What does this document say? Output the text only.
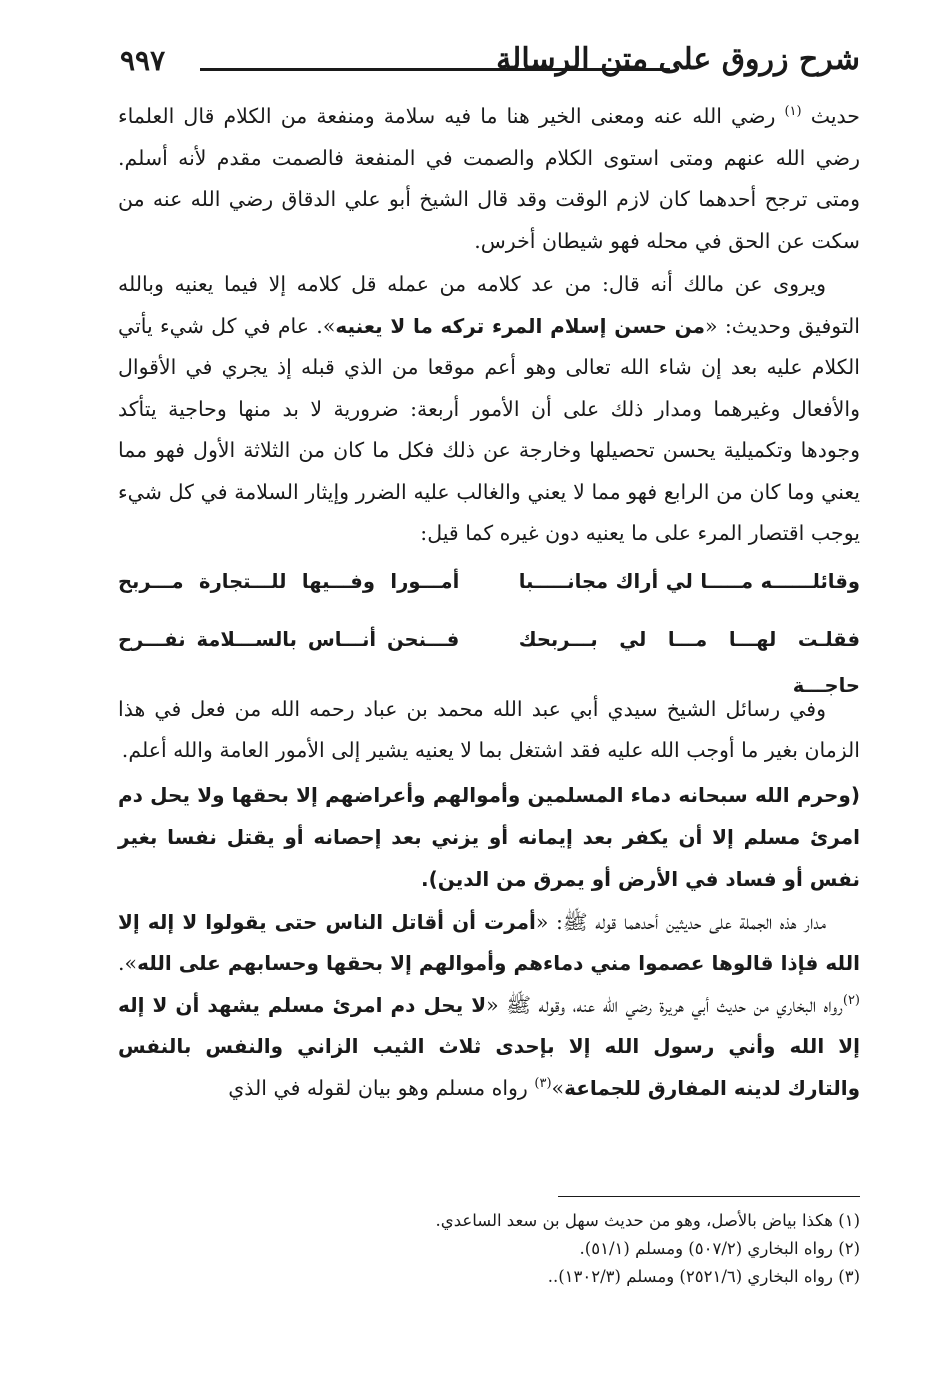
٩٩٧	شرح زروق على متن الرسالة

حديث $^{(١)}$ رضي الله عنه ومعنى الخير هنا ما فيه سلامة ومنفعة من الكلام قال العلماء رضي الله عنهم ومتى استوى الكلام والصمت في المنفعة فالصمت مقدم لأنه أسلم. ومتى ترجح أحدهما كان لازم الوقت وقد قال الشيخ أبو علي الدقاق رضي الله عنه من سكت عن الحق في محله فهو شيطان أخرس.

ويروى عن مالك أنه قال: من عد كلامه من عمله قل كلامه إلا فيما يعنيه وبالله التوفيق وحديث: «من حسن إسلام المرء تركه ما لا يعنيه». عام في كل شيء يأتي الكلام عليه بعد إن شاء الله تعالى وهو أعم موقعا من الذي قبله إذ يجري في الأقوال والأفعال وغيرهما ومدار ذلك على أن الأمور أربعة: ضرورية لا بد منها وحاجية يتأكد وجودها وتكميلية يحسن تحصيلها وخارجة عن ذلك فكل ما كان من الثلاثة الأول فهو مما يعني وما كان من الرابع فهو مما لا يعني والغالب عليه الضرر وإيثار السلامة في كل شيء يوجب اقتصار المرء على ما يعنيه دون غيره كما قيل:

وقائلــــــه مـــــا لي أراك مجانـــــبا
أمـــورا وفـــيها للـــتجارة مـــربح
فقلـت لهـــا مـــا لي بـــربحك حاجـــة
فـــنحن أنـــاس بالســـلامة نفـــرح

وفي رسائل الشيخ سيدي أبي عبد الله محمد بن عباد رحمه الله من فعل في هذا الزمان بغير ما أوجب الله عليه فقد اشتغل بما لا يعنيه يشير إلى الأمور العامة والله أعلم.

(وحرم الله سبحانه دماء المسلمين وأموالهم وأعراضهم إلا بحقها ولا يحل دم امرئ مسلم إلا أن يكفر بعد إيمانه أو يزني بعد إحصانه أو يقتل نفسا بغير نفس أو فساد في الأرض أو يمرق من الدين).

مدار هذه الجملة على حديثين أحدهما قوله ﷺ: «أمرت أن أقاتل الناس حتى يقولوا لا إله إلا الله فإذا قالوها عصموا مني دماءهم وأموالهم إلا بحقها وحسابهم على الله».$^{(٢)}$رواه البخاري من حديث أبي هريرة رضي الله عنه، وقوله ﷺ «لا يحل دم امرئ مسلم يشهد أن لا إله إلا الله وأني رسول الله إلا بإحدى ثلاث الثيب الزاني والنفس بالنفس والتارك لدينه المفارق للجماعة»$^{(٣)}$ رواه مسلم وهو بيان لقوله في الذي

(١) هكذا بياض بالأصل، وهو من حديث سهل بن سعد الساعدي.

(٢) رواه البخاري (٥٠٧/٢) ومسلم (٥١/١).

(٣) رواه البخاري (٢٥٢١/٦) ومسلم (١٣٠٢/٣)..
